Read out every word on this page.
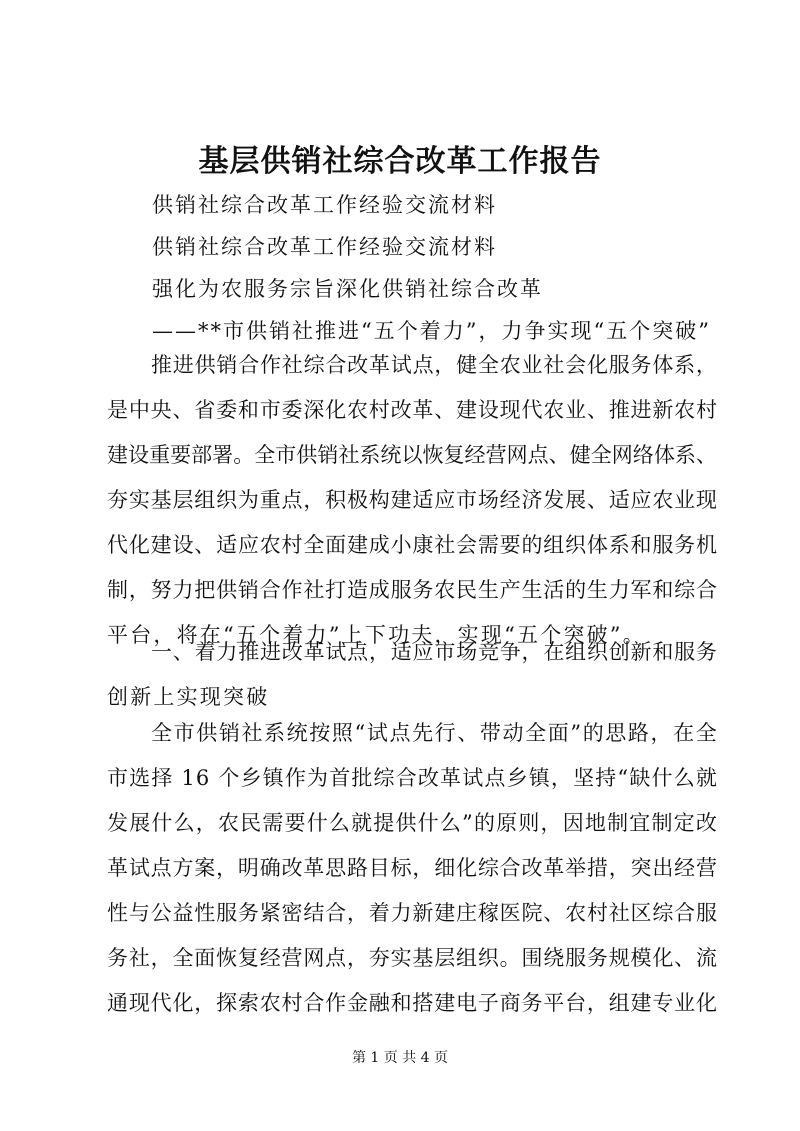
基层供销社综合改革工作报告
供销社综合改革工作经验交流材料
供销社综合改革工作经验交流材料
强化为农服务宗旨深化供销社综合改革
——**市供销社推进“五个着力”，力争实现“五个突破”
推 进 供 销 合 作 社 综 合 改 革 试 点 ， 健 全 农 业 社 会 化 服 务 体 系 ，
是 中 央 、 省 委 和 市 委 深 化 农 村 改 革 、 建 设 现 代 农 业 、 推 进 新 农 村
建 设 重 要 部 署 。 全 市 供 销 社 系 统 以 恢 复 经 营 网 点 、 健 全 网 络 体 系 、
夯 实 基 层 组 织 为 重 点 ， 积 极 构 建 适 应 市 场 经 济 发 展 、 适 应 农 业 现
代 化 建 设 、 适 应 农 村 全 面 建 成 小 康 社 会 需 要 的 组 织 体 系 和 服 务 机
制 ， 努 力 把 供 销 合 作 社 打 造 成 服 务 农 民 生 产 生 活 的 生 力 军 和 综 合
平台，将在“五个着力”上下功夫，实现“五个突破”。
一 、 着 力 推 进 改 革 试 点 ， 适 应 市 场 竞 争 ， 在 组 织 创 新 和 服 务
创新上实现突破
全 市 供 销 社 系 统 按 照 “ 试 点 先 行 、 带 动 全 面 ” 的 思 路 ， 在 全
市 选 择
1 6
个 乡 镇 作 为 首 批 综 合 改 革 试 点 乡 镇 ， 坚 持 “ 缺 什 么 就
发 展 什 么 ， 农 民 需 要 什 么 就 提 供 什 么 ” 的 原 则 ， 因 地 制 宜 制 定 改
革 试 点 方 案 ， 明 确 改 革 思 路 目 标 ， 细 化 综 合 改 革 举 措 ， 突 出 经 营
性 与 公 益 性 服 务 紧 密 结 合 ， 着 力 新 建 庄 稼 医 院 、 农 村 社 区 综 合 服
务 社 ， 全 面 恢 复 经 营 网 点 ， 夯 实 基 层 组 织 。 围 绕 服 务 规 模 化 、 流
通 现 代 化 ， 探 索 农 村 合 作 金 融 和 搭 建 电 子 商 务 平 台 ， 组 建 专 业 化
第 1 页 共 4 页
